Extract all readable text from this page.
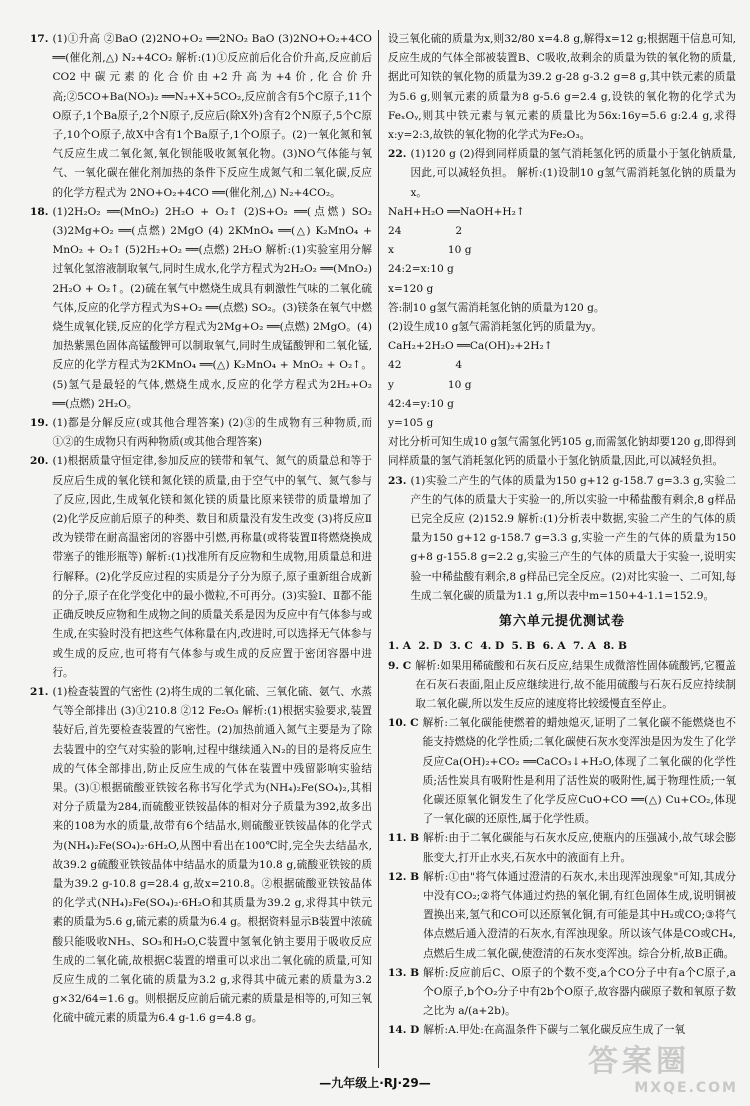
17. (1)①升高 ②BaO (2)2NO+O₂ ══2NO₂ BaO (3)2NO+O₂+4CO ══(催化剂,△) N₂+4CO₂ 解析:(1)①反应前后化合价升高,反应前后CO2中碳元素的化合价由+2升高为+4价,化合价升高;②5CO+Ba(NO₃)₂ ══N₂+X+5CO₂,反应前含有5个C原子,11个O原子,1个Ba原子,2个N原子,反应后(除X外)含有2个N原子,5个C原子,10个O原子,故X中含有1个Ba原子,1个O原子。(2)一氧化氮和氧气反应生成二氧化氮,氧化钡能吸收氮氧化物。(3)NO气体能与氧气、一氧化碳在催化剂加热的条件下反应生成氮气和二氧化碳,反应的化学方程式为 2NO+O₂+4CO ══(催化剂,△) N₂+4CO₂。
18. (1)2H₂O₂ ══(MnO₂) 2H₂O + O₂↑ (2)S+O₂ ══(点燃) SO₂ (3)2Mg+O₂ ══(点燃) 2MgO (4) 2KMnO₄ ══(△) K₂MnO₄ + MnO₂ + O₂↑ (5)2H₂+O₂ ══(点燃) 2H₂O 解析:(1)实验室用分解过氧化氢溶液制取氧气,同时生成水,化学方程式为2H₂O₂ ══(MnO₂) 2H₂O + O₂↑。(2)硫在氧气中燃烧生成具有刺激性气味的二氧化硫气体,反应的化学方程式为S+O₂ ══(点燃) SO₂。(3)镁条在氧气中燃烧生成氧化镁,反应的化学方程式为2Mg+O₂ ══(点燃) 2MgO。(4)加热紫黑色固体高锰酸钾可以制取氧气,同时生成锰酸钾和二氧化锰,反应的化学方程式为2KMnO₄ ══(△) K₂MnO₄ + MnO₂ + O₂↑。(5)氢气是最轻的气体,燃烧生成水,反应的化学方程式为2H₂+O₂ ══(点燃) 2H₂O。
19. (1)都是分解反应(或其他合理答案) (2)③的生成物有三种物质,而①②的生成物只有两种物质(或其他合理答案)
20. (1)根据质量守恒定律,参加反应的镁带和氧气、氮气的质量总和等于反应后生成的氧化镁和氮化镁的质量,由于空气中的氧气、氮气参与了反应,因此,生成氧化镁和氮化镁的质量比原来镁带的质量增加了 (2)化学反应前后原子的种类、数目和质量没有发生改变 (3)将反应Ⅱ改为镁带在耐高温密闭的容器中引燃,再称量(或将装置Ⅱ将燃烧换成带塞子的锥形瓶等) 解析:(1)找准所有反应物和生成物,用质量总和进行解释。(2)化学反应过程的实质是分子分为原子,原子重新组合成新的分子,原子在化学变化中的最小微粒,不可再分。(3)实验Ⅰ、Ⅱ都不能正确反映反应物和生成物之间的质量关系是因为反应中有气体参与或生成,在实验时没有把这些气体称量在内,改进时,可以选择无气体参与或生成的反应,也可将有气体参与或生成的反应置于密闭容器中进行。
21. (1)检查装置的气密性 (2)将生成的二氧化硫、三氧化硫、氨气、水蒸气等全部排出 (3)①210.8 ②12 Fe₂O₃ 解析:(1)根据实验要求,装置装好后,首先要检查装置的气密性。(2)加热前通入氮气主要是为了除去装置中的空气对实验的影响,过程中继续通入N₂的目的是将反应生成的气体全部排出,防止反应生成的气体在装置中残留影响实验结果。(3)①根据硫酸亚铁铵名称书写化学式为(NH₄)₂Fe(SO₄)₂,其相对分子质量为284,而硫酸亚铁铵晶体的相对分子质量为392,故多出来的108为水的质量,故带有6个结晶水,则硫酸亚铁铵晶体的化学式为(NH₄)₂Fe(SO₄)₂·6H₂O,从图中看出在100℃时,完全失去结晶水,故39.2 g硫酸亚铁铵晶体中结晶水的质量为10.8 g,硫酸亚铁铵的质量为39.2 g-10.8 g=28.4 g,故x=210.8。②根据硫酸亚铁铵晶体的化学式(NH₄)₂Fe(SO₄)₂·6H₂O和其质量为39.2 g,求得其中铁元素的质量为5.6 g,硫元素的质量为6.4 g。根据资料显示B装置中浓硫酸只能吸收NH₃、SO₃和H₂O,C装置中氢氧化钠主要用于吸收反应生成的二氧化硫,故根据C装置的增重可以求出二氧化硫的质量,可知反应生成的二氧化硫的质量为3.2 g,求得其中硫元素的质量为3.2 g×32/64=1.6 g。则根据反应前后硫元素的质量是相等的,可知三氧化硫中硫元素的质量为6.4 g-1.6 g=4.8 g。
设三氧化硫的质量为x,则32/80 x=4.8 g,解得x=12 g;根据题干信息可知,反应生成的气体全部被装置B、C吸收,故剩余的质量为铁的氧化物的质量,据此可知铁的氧化物的质量为39.2 g-28 g-3.2 g=8 g,其中铁元素的质量为5.6 g,则氧元素的质量为8 g-5.6 g=2.4 g,设铁的氧化物的化学式为FeₓOᵧ,则其中铁元素与氧元素的质量比为56x:16y=5.6 g:2.4 g,求得x:y=2:3,故铁的氧化物的化学式为Fe₂O₃。
22. (1)120 g (2)得到同样质量的氢气消耗氢化钙的质量小于氢化钠质量,因此,可以减轻负担。 解析:(1)设制10 g氢气需消耗氢化钠的质量为x。
NaH+H₂O ══NaOH+H₂↑
24                2
x                10 g
24:2=x:10 g
x=120 g
答:制10 g氢气需消耗氢化钠的质量为120 g。
(2)设生成10 g氢气需消耗氢化钙的质量为y。
CaH₂+2H₂O ══Ca(OH)₂+2H₂↑
42                4
y                10 g
42:4=y:10 g
y=105 g
对比分析可知生成10 g氢气需氢化钙105 g,而需氢化钠却要120 g,即得到同样质量的氢气消耗氢化钙的质量小于氢化钠质量,因此,可以减轻负担。
23. (1)实验二产生的气体的质量为150 g+12 g-158.7 g=3.3 g,实验二产生的气体的质量大于实验一的,所以实验一中稀盐酸有剩余,8 g样品已完全反应 (2)152.9 解析:(1)分析表中数据,实验二产生的气体的质量为150 g+12 g-158.7 g=3.3 g,实验一产生的气体的质量为150 g+8 g-155.8 g=2.2 g,实验三产生的气体的质量大于实验一,说明实验一中稀盐酸有剩余,8 g样品已完全反应。(2)对比实验一、二可知,每生成二氧化碳的质量为1.1 g,所以表中m=150+4-1.1=152.9。
第六单元提优测试卷
1. A  2. D  3. C  4. D  5. B  6. A  7. A  8. B
9. C 解析:如果用稀硫酸和石灰石反应,结果生成微溶性固体硫酸钙,它覆盖在石灰石表面,阻止反应继续进行,故不能用硫酸与石灰石反应持续制取二氧化碳,所以发生反应的速度将比较缓慢直至停止。
10. C 解析:二氧化碳能使燃着的蜡烛熄灭,证明了二氧化碳不能燃烧也不能支持燃烧的化学性质;二氧化碳使石灰水变浑浊是因为发生了化学反应Ca(OH)₂+CO₂ ══CaCO₃↓+H₂O,体现了二氧化碳的化学性质;活性炭具有吸附性是利用了活性炭的吸附性,属于物理性质;一氧化碳还原氧化铜发生了化学反应CuO+CO ══(△) Cu+CO₂,体现了一氧化碳的还原性,属于化学性质。
11. B 解析:由于二氧化碳能与石灰水反应,使瓶内的压强减小,故气球会膨胀变大,打开止水夹,石灰水中的液面有上升。
12. B 解析:①由"将气体通过澄清的石灰水,未出现浑浊现象"可知,其成分中没有CO₂;②将气体通过灼热的氧化铜,有红色固体生成,说明铜被置换出来,氢气和CO可以还原氧化铜,有可能是其中H₂或CO;③将气体点燃后通入澄清的石灰水,有浑浊现象。所以该气体是CO或CH₄,点燃后生成二氧化碳,使澄清的石灰水变浑浊。综合分析,故B正确。
13. B 解析:反应前后C、O原子的个数不变,a个CO分子中有a个C原子,a个O原子,b个O₂分子中有2b个O原子,故容器内碳原子数和氧原子数之比为 a/(a+2b)。
14. D 解析:A.甲处:在高温条件下碳与二氧化碳反应生成了一氧
—九年级上·RJ·29—
答案圈
MXQE.COM
